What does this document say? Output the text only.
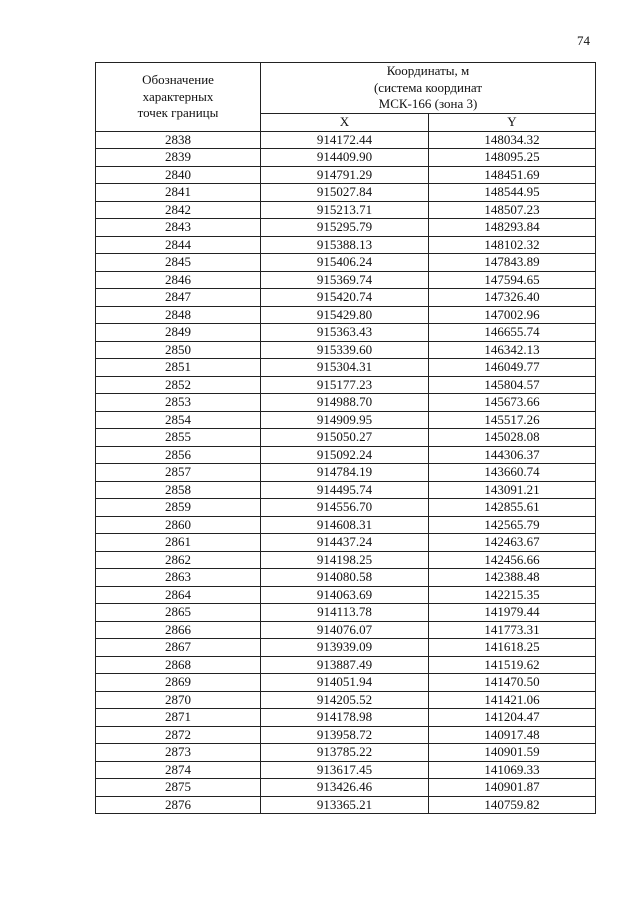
74
Обозначение
характерных
точек границы	Координаты, м
(система координат
МСК-166 (зона 3)	

	X	Y
2838	914172.44	148034.32
2839	914409.90	148095.25
2840	914791.29	148451.69
2841	915027.84	148544.95
2842	915213.71	148507.23
2843	915295.79	148293.84
2844	915388.13	148102.32
2845	915406.24	147843.89
2846	915369.74	147594.65
2847	915420.74	147326.40
2848	915429.80	147002.96
2849	915363.43	146655.74
2850	915339.60	146342.13
2851	915304.31	146049.77
2852	915177.23	145804.57
2853	914988.70	145673.66
2854	914909.95	145517.26
2855	915050.27	145028.08
2856	915092.24	144306.37
2857	914784.19	143660.74
2858	914495.74	143091.21
2859	914556.70	142855.61
2860	914608.31	142565.79
2861	914437.24	142463.67
2862	914198.25	142456.66
2863	914080.58	142388.48
2864	914063.69	142215.35
2865	914113.78	141979.44
2866	914076.07	141773.31
2867	913939.09	141618.25
2868	913887.49	141519.62
2869	914051.94	141470.50
2870	914205.52	141421.06
2871	914178.98	141204.47
2872	913958.72	140917.48
2873	913785.22	140901.59
2874	913617.45	141069.33
2875	913426.46	140901.87
2876	913365.21	140759.82
